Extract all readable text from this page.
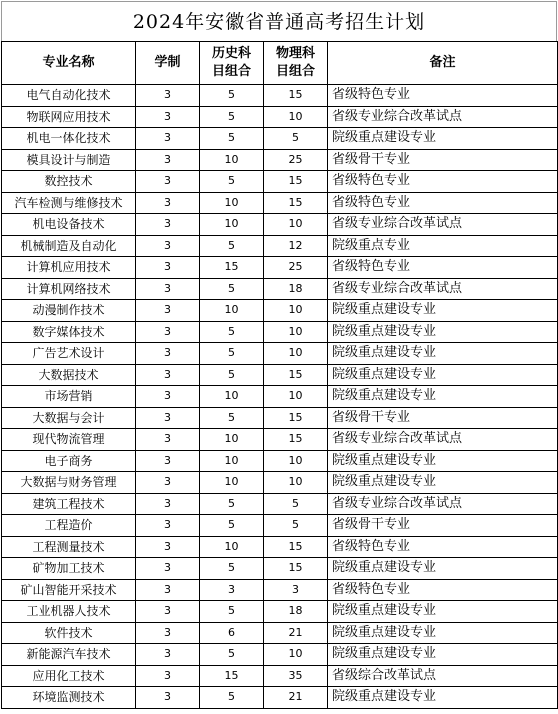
2024年安徽省普通高考招生计划
专业名称	学制	历史科目组合	物理科目组合	备注
电气自动化技术	3	5	15	省级特色专业
物联网应用技术	3	5	10	省级专业综合改革试点
机电一体化技术	3	5	5	院级重点建设专业
模具设计与制造	3	10	25	省级骨干专业
数控技术	3	5	15	省级特色专业
汽车检测与维修技术	3	10	15	省级特色专业
机电设备技术	3	10	10	省级专业综合改革试点
机械制造及自动化	3	5	12	院级重点专业
计算机应用技术	3	15	25	省级特色专业
计算机网络技术	3	5	18	省级专业综合改革试点
动漫制作技术	3	10	10	院级重点建设专业
数字媒体技术	3	5	10	院级重点建设专业
广告艺术设计	3	5	10	院级重点建设专业
大数据技术	3	5	15	院级重点建设专业
市场营销	3	10	10	院级重点建设专业
大数据与会计	3	5	15	省级骨干专业
现代物流管理	3	10	15	省级专业综合改革试点
电子商务	3	10	10	院级重点建设专业
大数据与财务管理	3	10	10	院级重点建设专业
建筑工程技术	3	5	5	省级专业综合改革试点
工程造价	3	5	5	省级骨干专业
工程测量技术	3	10	15	省级特色专业
矿物加工技术	3	5	15	院级重点建设专业
矿山智能开采技术	3	3	3	省级特色专业
工业机器人技术	3	5	18	院级重点建设专业
软件技术	3	6	21	院级重点建设专业
新能源汽车技术	3	5	10	院级重点建设专业
应用化工技术	3	15	35	省级综合改革试点
环境监测技术	3	5	21	院级重点建设专业
